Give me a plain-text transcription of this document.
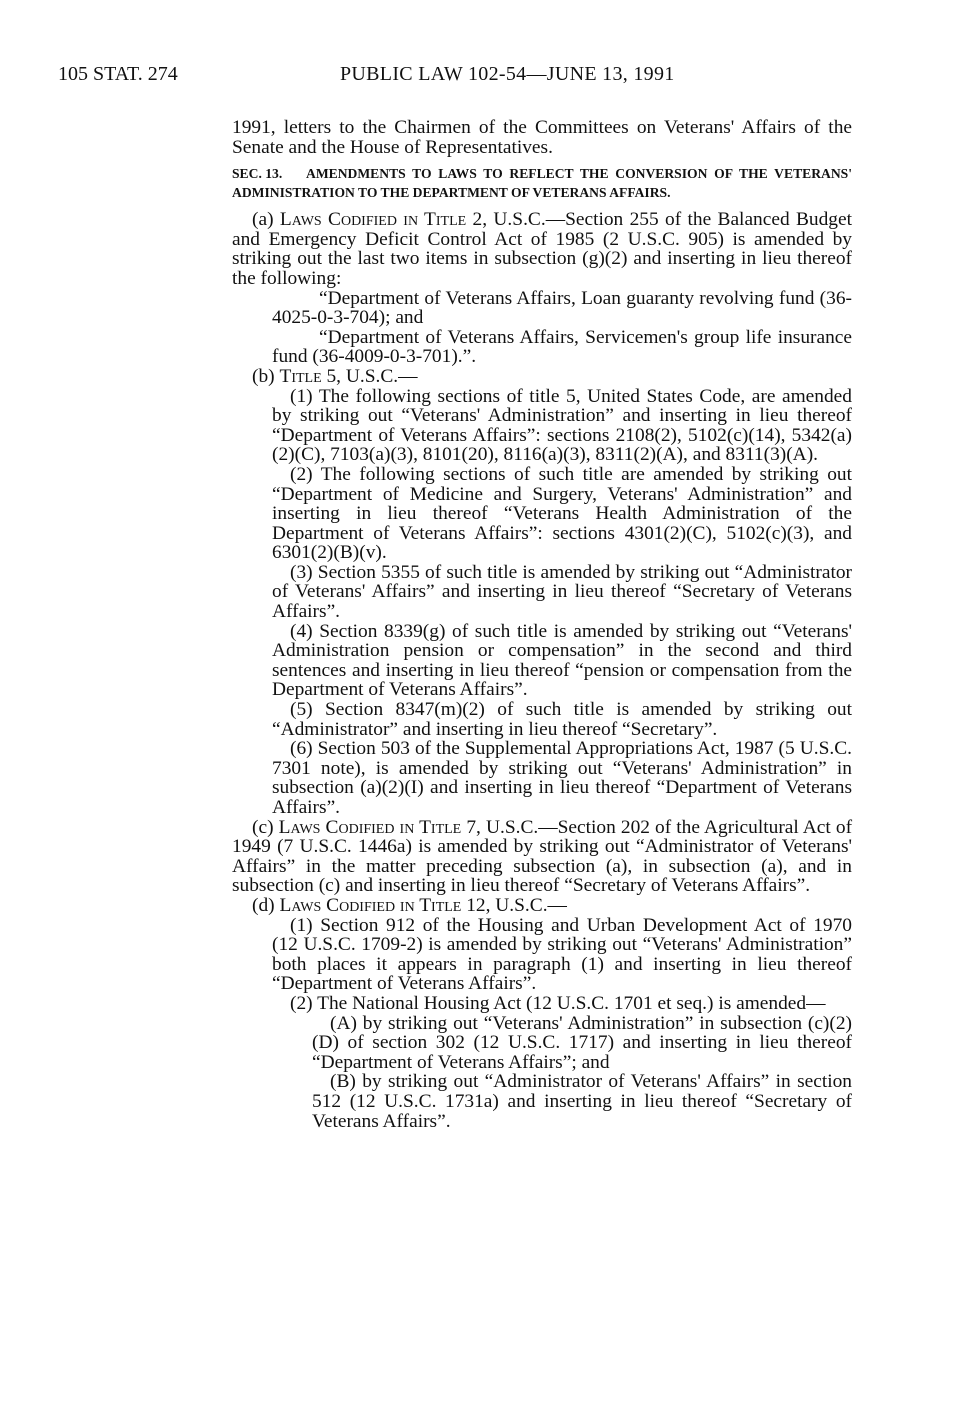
105 STAT. 274	PUBLIC LAW 102-54—JUNE 13, 1991

1991, letters to the Chairmen of the Committees on Veterans' Affairs of the Senate and the House of Representatives.

SEC. 13. AMENDMENTS TO LAWS TO REFLECT THE CONVERSION OF THE VETERANS' ADMINISTRATION TO THE DEPARTMENT OF VETERANS AFFAIRS.

(a) Laws Codified in Title 2, U.S.C.—Section 255 of the Balanced Budget and Emergency Deficit Control Act of 1985 (2 U.S.C. 905) is amended by striking out the last two items in subsection (g)(2) and inserting in lieu thereof the following:

“Department of Veterans Affairs, Loan guaranty revolving fund (36-4025-0-3-704); and

“Department of Veterans Affairs, Servicemen's group life insurance fund (36-4009-0-3-701).”.

(b) Title 5, U.S.C.—

(1) The following sections of title 5, United States Code, are amended by striking out “Veterans' Administration” and inserting in lieu thereof “Department of Veterans Affairs”: sections 2108(2), 5102(c)(14), 5342(a)(2)(C), 7103(a)(3), 8101(20), 8116(a)(3), 8311(2)(A), and 8311(3)(A).

(2) The following sections of such title are amended by striking out “Department of Medicine and Surgery, Veterans' Administration” and inserting in lieu thereof “Veterans Health Administration of the Department of Veterans Affairs”: sections 4301(2)(C), 5102(c)(3), and 6301(2)(B)(v).

(3) Section 5355 of such title is amended by striking out “Administrator of Veterans' Affairs” and inserting in lieu thereof “Secretary of Veterans Affairs”.

(4) Section 8339(g) of such title is amended by striking out “Veterans' Administration pension or compensation” in the second and third sentences and inserting in lieu thereof “pension or compensation from the Department of Veterans Affairs”.

(5) Section 8347(m)(2) of such title is amended by striking out “Administrator” and inserting in lieu thereof “Secretary”.

(6) Section 503 of the Supplemental Appropriations Act, 1987 (5 U.S.C. 7301 note), is amended by striking out “Veterans' Administration” in subsection (a)(2)(I) and inserting in lieu thereof “Department of Veterans Affairs”.

(c) Laws Codified in Title 7, U.S.C.—Section 202 of the Agricultural Act of 1949 (7 U.S.C. 1446a) is amended by striking out “Administrator of Veterans' Affairs” in the matter preceding subsection (a), in subsection (a), and in subsection (c) and inserting in lieu thereof “Secretary of Veterans Affairs”.

(d) Laws Codified in Title 12, U.S.C.—

(1) Section 912 of the Housing and Urban Development Act of 1970 (12 U.S.C. 1709-2) is amended by striking out “Veterans' Administration” both places it appears in paragraph (1) and inserting in lieu thereof “Department of Veterans Affairs”.

(2) The National Housing Act (12 U.S.C. 1701 et seq.) is amended—

(A) by striking out “Veterans' Administration” in subsection (c)(2)(D) of section 302 (12 U.S.C. 1717) and inserting in lieu thereof “Department of Veterans Affairs”; and

(B) by striking out “Administrator of Veterans' Affairs” in section 512 (12 U.S.C. 1731a) and inserting in lieu thereof “Secretary of Veterans Affairs”.
